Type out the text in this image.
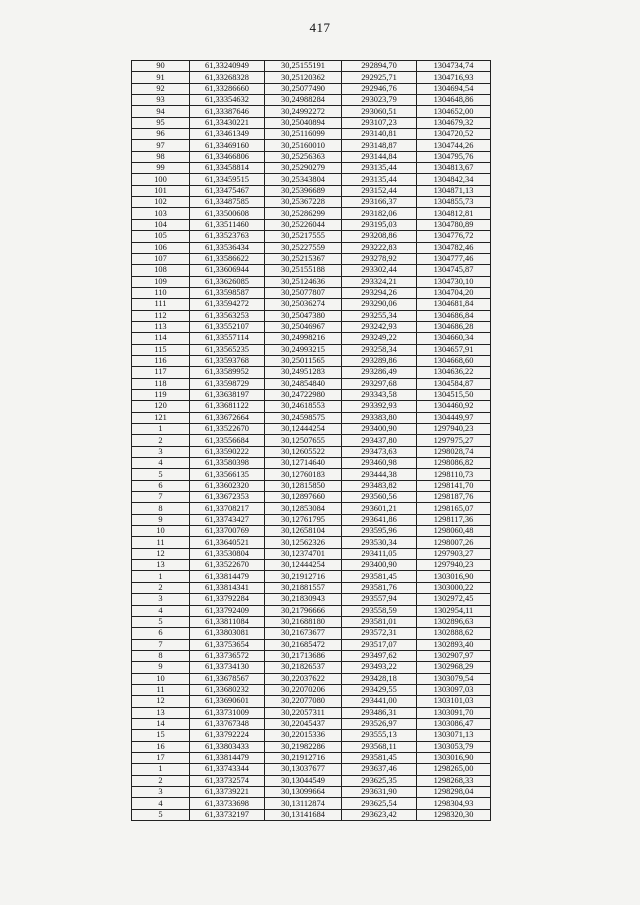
417
90	61,33240949	30,25155191	292894,70	1304734,74
91	61,33268328	30,25120362	292925,71	1304716,93
92	61,33286660	30,25077490	292946,76	1304694,54
93	61,33354632	30,24988284	293023,79	1304648,86
94	61,33387646	30,24992272	293060,51	1304652,00
95	61,33430221	30,25040894	293107,23	1304679,32
96	61,33461349	30,25116099	293140,81	1304720,52
97	61,33469160	30,25160010	293148,87	1304744,26
98	61,33466806	30,25256363	293144,84	1304795,76
99	61,33458814	30,25290279	293135,44	1304813,67
100	61,33459515	30,25343804	293135,44	1304842,34
101	61,33475467	30,25396689	293152,44	1304871,13
102	61,33487585	30,25367228	293166,37	1304855,73
103	61,33500608	30,25286299	293182,06	1304812,81
104	61,33511460	30,25226044	293195,03	1304780,89
105	61,33523763	30,25217555	293208,86	1304776,72
106	61,33536434	30,25227559	293222,83	1304782,46
107	61,33586622	30,25215367	293278,92	1304777,46
108	61,33606944	30,25155188	293302,44	1304745,87
109	61,33626085	30,25124636	293324,21	1304730,10
110	61,33598587	30,25077807	293294,26	1304704,20
111	61,33594272	30,25036274	293290,06	1304681,84
112	61,33563253	30,25047380	293255,34	1304686,84
113	61,33552107	30,25046967	293242,93	1304686,28
114	61,33557114	30,24998216	293249,22	1304660,34
115	61,33565235	30,24993215	293258,34	1304657,91
116	61,33593768	30,25011565	293289,86	1304668,60
117	61,33589952	30,24951283	293286,49	1304636,22
118	61,33598729	30,24854840	293297,68	1304584,87
119	61,33638197	30,24722980	293343,58	1304515,50
120	61,33681122	30,24618553	293392,93	1304460,92
121	61,33672664	30,24598575	293383,80	1304449,97
1	61,33522670	30,12444254	293400,90	1297940,23
2	61,33556684	30,12507655	293437,80	1297975,27
3	61,33590222	30,12605522	293473,63	1298028,74
4	61,33580398	30,12714640	293460,98	1298086,82
5	61,33566135	30,12760183	293444,38	1298110,73
6	61,33602320	30,12815850	293483,82	1298141,70
7	61,33672353	30,12897660	293560,56	1298187,76
8	61,33708217	30,12853084	293601,21	1298165,07
9	61,33743427	30,12761795	293641,86	1298117,36
10	61,33700769	30,12658104	293595,96	1298060,48
11	61,33640521	30,12562326	293530,34	1298007,26
12	61,33530804	30,12374701	293411,05	1297903,27
13	61,33522670	30,12444254	293400,90	1297940,23
1	61,33814479	30,21912716	293581,45	1303016,90
2	61,33814341	30,21881557	293581,76	1303000,22
3	61,33792284	30,21830943	293557,94	1302972,45
4	61,33792409	30,21796666	293558,59	1302954,11
5	61,33811084	30,21688180	293581,01	1302896,63
6	61,33803081	30,21673677	293572,31	1302888,62
7	61,33753654	30,21685472	293517,07	1302893,40
8	61,33736572	30,21713686	293497,62	1302907,97
9	61,33734130	30,21826537	293493,22	1302968,29
10	61,33678567	30,22037622	293428,18	1303079,54
11	61,33680232	30,22070206	293429,55	1303097,03
12	61,33690601	30,22077080	293441,00	1303101,03
13	61,33731009	30,22057311	293486,31	1303091,70
14	61,33767348	30,22045437	293526,97	1303086,47
15	61,33792224	30,22015336	293555,13	1303071,13
16	61,33803433	30,21982286	293568,11	1303053,79
17	61,33814479	30,21912716	293581,45	1303016,90
1	61,33743344	30,13037677	293637,46	1298265,00
2	61,33732574	30,13044549	293625,35	1298268,33
3	61,33739221	30,13099664	293631,90	1298298,04
4	61,33733698	30,13112874	293625,54	1298304,93
5	61,33732197	30,13141684	293623,42	1298320,30
